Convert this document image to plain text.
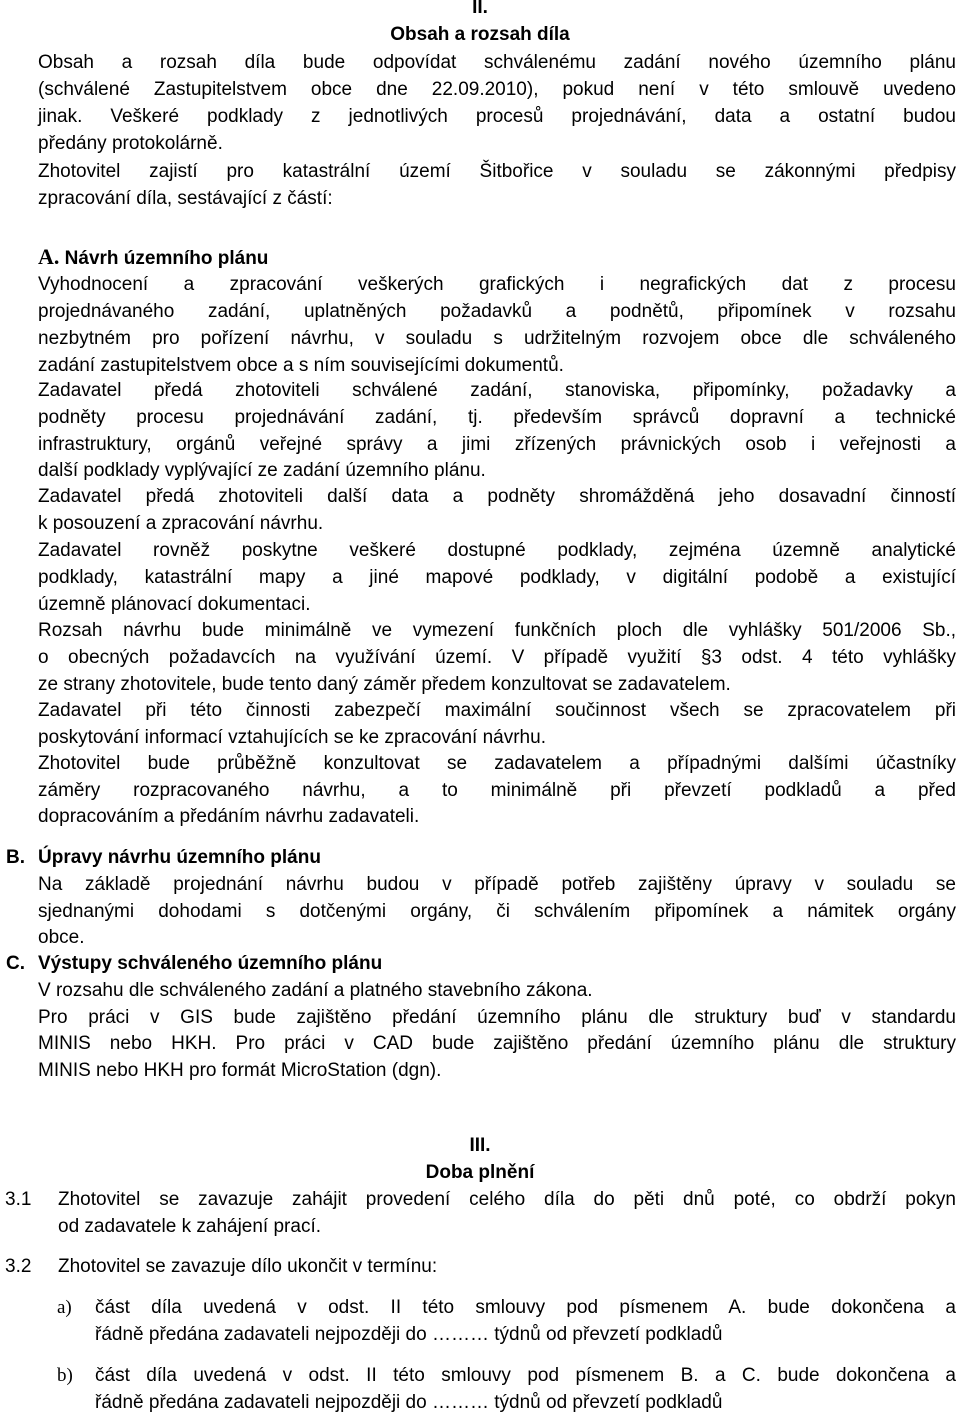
II.
Obsah a rozsah díla
Obsah a rozsah díla bude odpovídat schválenému zadání nového územního plánu
(schválené Zastupitelstvem obce dne 22.09.2010), pokud není v této smlouvě uvedeno
jinak. Veškeré podklady z jednotlivých procesů projednávání, data a ostatní budou
předány protokolárně.
Zhotovitel zajistí pro katastrální území Šitbořice v souladu se zákonnými předpisy
zpracování díla, sestávající z částí:
A. Návrh územního plánu
Vyhodnocení a zpracování veškerých grafických i negrafických dat z procesu
projednávaného zadání, uplatněných požadavků a podnětů, připomínek v rozsahu
nezbytném pro pořízení návrhu, v souladu s udržitelným rozvojem obce dle schváleného
zadání zastupitelstvem obce a s ním souvisejícími dokumentů.
Zadavatel předá zhotoviteli schválené zadání, stanoviska, připomínky, požadavky a
podněty procesu projednávání zadání, tj. především správců dopravní a technické
infrastruktury, orgánů veřejné správy a jimi zřízených právnických osob i veřejnosti a
další podklady vyplývající ze zadání územního plánu.
Zadavatel předá zhotoviteli další data a podněty shromážděná jeho dosavadní činností
k posouzení a zpracování návrhu.
Zadavatel rovněž poskytne veškeré dostupné podklady, zejména územně analytické
podklady, katastrální mapy a jiné mapové podklady, v digitální podobě a existující
územně plánovací dokumentaci.
Rozsah návrhu bude minimálně ve vymezení funkčních ploch dle vyhlášky 501/2006 Sb.,
o obecných požadavcích na využívání území. V případě využití §3 odst. 4 této vyhlášky
ze strany zhotovitele, bude tento daný záměr předem konzultovat se zadavatelem.
Zadavatel při této činnosti zabezpečí maximální součinnost všech se zpracovatelem při
poskytování informací vztahujících se ke zpracování návrhu.
Zhotovitel bude průběžně konzultovat se zadavatelem a případnými dalšími účastníky
záměry rozpracovaného návrhu, a to minimálně při převzetí podkladů a před
dopracováním a předáním návrhu zadavateli.
B. Úpravy návrhu územního plánu
Na základě projednání návrhu budou v případě potřeb zajištěny úpravy v souladu se
sjednanými dohodami s dotčenými orgány, či schválením připomínek a námitek orgány
obce.
C. Výstupy schváleného územního plánu
V rozsahu dle schváleného zadání a platného stavebního zákona.
Pro práci v GIS bude zajištěno předání územního plánu dle struktury buď v standardu
MINIS nebo HKH. Pro práci v CAD bude zajištěno předání územního plánu dle struktury
MINIS nebo HKH pro formát MicroStation (dgn).
III.
Doba plnění
3.1 Zhotovitel se zavazuje zahájit provedení celého díla do pěti dnů poté, co obdrží pokyn
od zadavatele k zahájení prací.
3.2 Zhotovitel se zavazuje dílo ukončit v termínu:
a) část díla uvedená v odst. II této smlouvy pod písmenem A. bude dokončena a
řádně předána zadavateli nejpozději do ……… týdnů od převzetí podkladů
b) část díla uvedená v odst. II této smlouvy pod písmenem B. a C. bude dokončena a
řádně předána zadavateli nejpozději do ……… týdnů od převzetí podkladů
